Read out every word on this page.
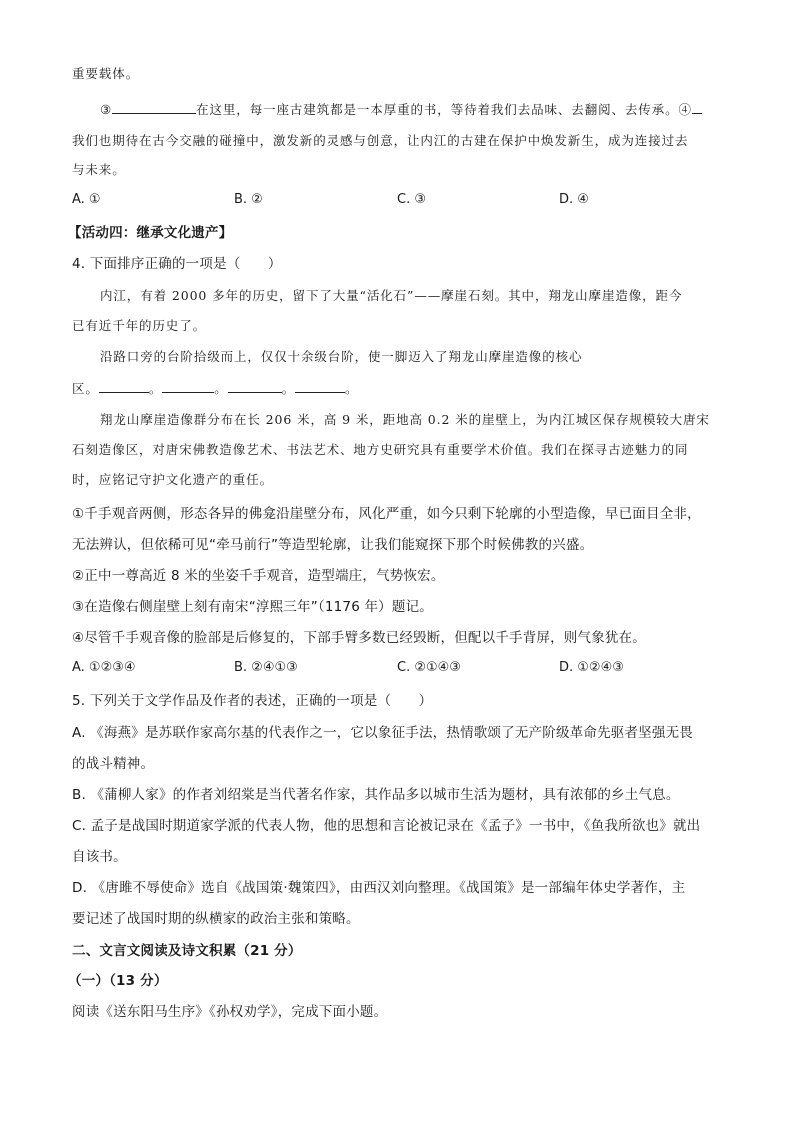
重要载体。
③	在这里，每一座古建筑都是一本厚重的书，等待着我们去品味、去翻阅、去传承。④
我们也期待在古今交融的碰撞中，激发新的灵感与创意，让内江的古建在保护中焕发新生，成为连接过去
与未来。
A. ①	B. ②	C. ③	D. ④
【活动四：继承文化遗产】
4. 下面排序正确的一项是（　　）
内江，有着 2000 多年的历史，留下了大量“活化石”——摩崖石刻。其中，翔龙山摩崖造像，距今
已有近千年的历史了。
沿路口旁的台阶拾级而上，仅仅十余级台阶，使一脚迈入了翔龙山摩崖造像的核心
区。	。	。	。	。
翔龙山摩崖造像群分布在长 206 米，高 9 米，距地高 0.2 米的崖壁上，为内江城区保存规模较大唐宋
石刻造像区，对唐宋佛教造像艺术、书法艺术、地方史研究具有重要学术价值。我们在探寻古迹魅力的同
时，应铭记守护文化遗产的重任。
①千手观音两侧，形态各异的佛龛沿崖壁分布，风化严重，如今只剩下轮廓的小型造像，早已面目全非，
无法辨认，但依稀可见“牵马前行”等造型轮廓，让我们能窥探下那个时候佛教的兴盛。
②正中一尊高近 8 米的坐姿千手观音，造型端庄，气势恢宏。
③在造像右侧崖壁上刻有南宋“淳熙三年”（1176 年）题记。
④尽管千手观音像的脸部是后修复的，下部手臂多数已经毁断，但配以千手背屏，则气象犹在。
A. ①②③④	B. ②④①③	C. ②①④③	D. ①②④③
5. 下列关于文学作品及作者的表述，正确的一项是（　　）
A. 《海燕》是苏联作家高尔基的代表作之一，它以象征手法，热情歌颂了无产阶级革命先驱者坚强无畏
的战斗精神。
B. 《蒲柳人家》的作者刘绍棠是当代著名作家，其作品多以城市生活为题材，具有浓郁的乡土气息。
C. 孟子是战国时期道家学派的代表人物，他的思想和言论被记录在《孟子》一书中，《鱼我所欲也》就出
自该书。
D. 《唐雎不辱使命》选自《战国策·魏策四》，由西汉刘向整理。《战国策》是一部编年体史学著作，主
要记述了战国时期的纵横家的政治主张和策略。
二、文言文阅读及诗文积累（21 分）
（一）（13 分）
阅读《送东阳马生序》《孙权劝学》，完成下面小题。
